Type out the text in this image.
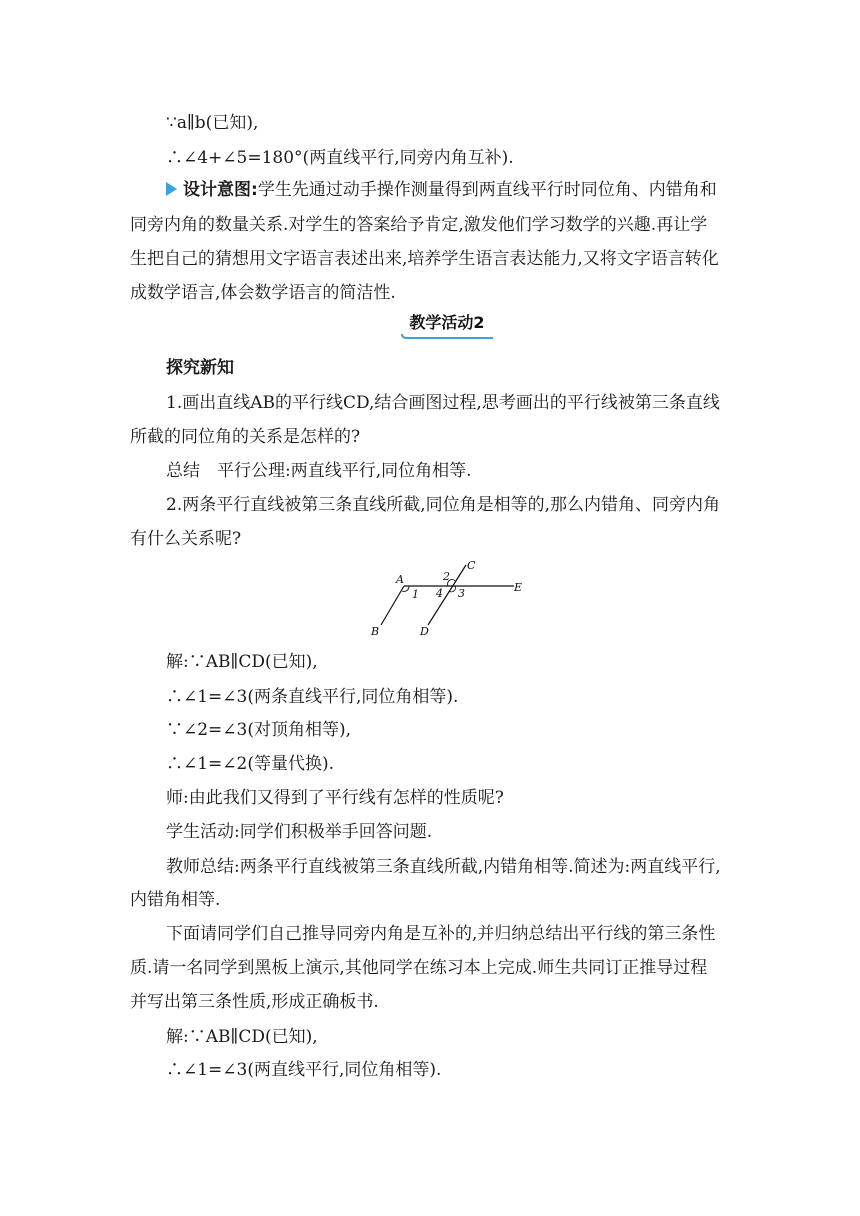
∵a∥b(已知),
∴∠4+∠5=180°(两直线平行,同旁内角互补).
设计意图:学生先通过动手操作测量得到两直线平行时同位角、内错角和
同旁内角的数量关系.对学生的答案给予肯定,激发他们学习数学的兴趣.再让学
生把自己的猜想用文字语言表述出来,培养学生语言表达能力,又将文字语言转化
成数学语言,体会数学语言的简洁性.
教学活动2
探究新知
1.画出直线AB的平行线CD,结合画图过程,思考画出的平行线被第三条直线
所截的同位角的关系是怎样的?
总结　平行公理:两直线平行,同位角相等.
2.两条平行直线被第三条直线所截,同位角是相等的,那么内错角、同旁内角
有什么关系呢?
A
B
C
D
E
1
2
3
4
解:∵AB∥CD(已知),
∴∠1=∠3(两条直线平行,同位角相等).
∵∠2=∠3(对顶角相等),
∴∠1=∠2(等量代换).
师:由此我们又得到了平行线有怎样的性质呢?
学生活动:同学们积极举手回答问题.
教师总结:两条平行直线被第三条直线所截,内错角相等.简述为:两直线平行,
内错角相等.
下面请同学们自己推导同旁内角是互补的,并归纳总结出平行线的第三条性
质.请一名同学到黑板上演示,其他同学在练习本上完成.师生共同订正推导过程
并写出第三条性质,形成正确板书.
解:∵AB∥CD(已知),
∴∠1=∠3(两直线平行,同位角相等).
